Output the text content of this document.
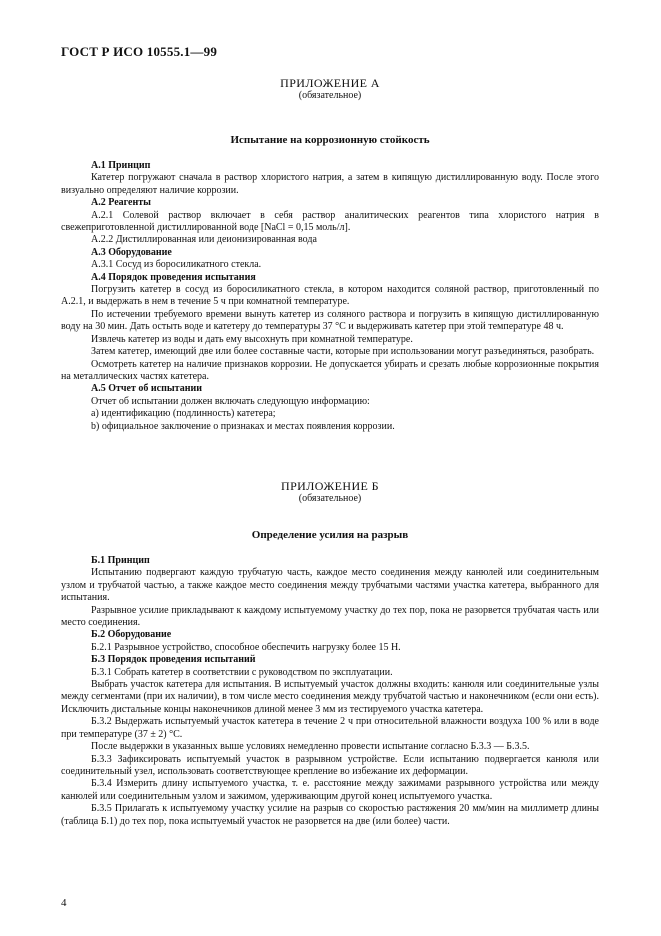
ГОСТ Р ИСО 10555.1—99
ПРИЛОЖЕНИЕ А
(обязательное)
Испытание на коррозионную стойкость
А.1 Принцип

Катетер погружают сначала в раствор хлористого натрия, а затем в кипящую дистиллированную воду. После этого визуально определяют наличие коррозии.

А.2 Реагенты

А.2.1 Солевой раствор включает в себя раствор аналитических реагентов типа хлористого натрия в свежеприготовленной дистиллированной воде [NaCl = 0,15 моль/л].

А.2.2 Дистиллированная или деионизированная вода

А.3 Оборудование

А.3.1 Сосуд из боросиликатного стекла.

А.4 Порядок проведения испытания

Погрузить катетер в сосуд из боросиликатного стекла, в котором находится соляной раствор, приготовленный по А.2.1, и выдержать в нем в течение 5 ч при комнатной температуре.

По истечении требуемого времени вынуть катетер из соляного раствора и погрузить в кипящую дистиллированную воду на 30 мин. Дать остыть воде и катетеру до температуры 37 °С и выдерживать катетер при этой температуре 48 ч.

Извлечь катетер из воды и дать ему высохнуть при комнатной температуре.

Затем катетер, имеющий две или более составные части, которые при использовании могут разъединяться, разобрать.

Осмотреть катетер на наличие признаков коррозии. Не допускается убирать и срезать любые коррозионные покрытия на металлических частях катетера.

А.5 Отчет об испытании

Отчет об испытании должен включать следующую информацию:

а) идентификацию (подлинность) катетера;

b) официальное заключение о признаках и местах появления коррозии.

ПРИЛОЖЕНИЕ Б
(обязательное)
Определение усилия на разрыв
Б.1 Принцип

Испытанию подвергают каждую трубчатую часть, каждое место соединения между канюлей или соединительным узлом и трубчатой частью, а также каждое место соединения между трубчатыми частями участка катетера, выбранного для испытания.

Разрывное усилие прикладывают к каждому испытуемому участку до тех пор, пока не разорвется трубчатая часть или место соединения.

Б.2 Оборудование

Б.2.1 Разрывное устройство, способное обеспечить нагрузку более 15 Н.

Б.3 Порядок проведения испытаний

Б.3.1 Собрать катетер в соответствии с руководством по эксплуатации.

Выбрать участок катетера для испытания. В испытуемый участок должны входить: канюля или соединительные узлы между сегментами (при их наличии), в том числе место соединения между трубчатой частью и наконечником (если они есть). Исключить дистальные концы наконечников длиной менее 3 мм из тестируемого участка катетера.

Б.3.2 Выдержать испытуемый участок катетера в течение 2 ч при относительной влажности воздуха 100 % или в воде при температуре (37 ± 2) °С.

После выдержки в указанных выше условиях немедленно провести испытание согласно Б.3.3 — Б.3.5.

Б.3.3 Зафиксировать испытуемый участок в разрывном устройстве. Если испытанию подвергается канюля или соединительный узел, использовать соответствующее крепление во избежание их деформации.

Б.3.4 Измерить длину испытуемого участка, т. е. расстояние между зажимами разрывного устройства или между канюлей или соединительным узлом и зажимом, удерживающим другой конец испытуемого участка.

Б.3.5 Прилагать к испытуемому участку усилие на разрыв со скоростью растяжения 20 мм/мин на миллиметр длины (таблица Б.1) до тех пор, пока испытуемый участок не разорвется на две (или более) части.

4
